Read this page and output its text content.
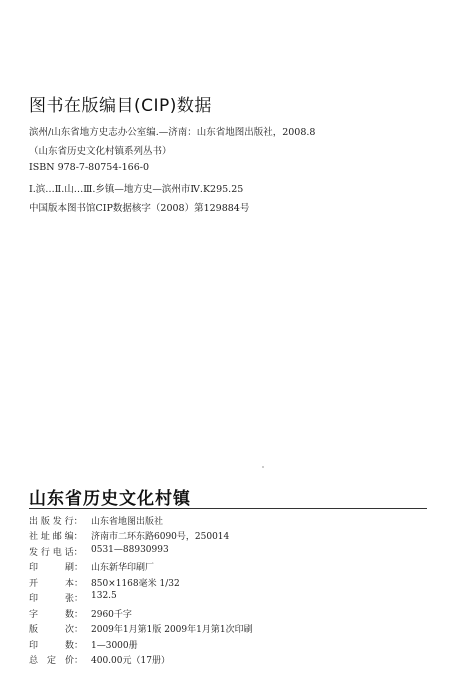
图书在版编目(CIP)数据
滨州/山东省地方史志办公室编.—济南：山东省地图出版社，2008.8
（山东省历史文化村镇系列丛书）
ISBN 978-7-80754-166-0
Ⅰ.滨…Ⅱ.山…Ⅲ.乡镇—地方史—滨州市Ⅳ.K295.25
中国版本图书馆CIP数据核字（2008）第129884号
山东省历史文化村镇
出 版 发 行： 山东省地图出版社
社 址 邮 编： 济南市二环东路6090号，250014
发 行 电 话： 0531—88930993
印　　　刷： 山东新华印刷厂
开　　　本： 850×1168毫米 1/32
印　　　张： 132.5
字　　　数： 2960千字
版　　　次： 2009年1月第1版 2009年1月第1次印刷
印　　　数： 1—3000册
总　定　价： 400.00元（17册）
